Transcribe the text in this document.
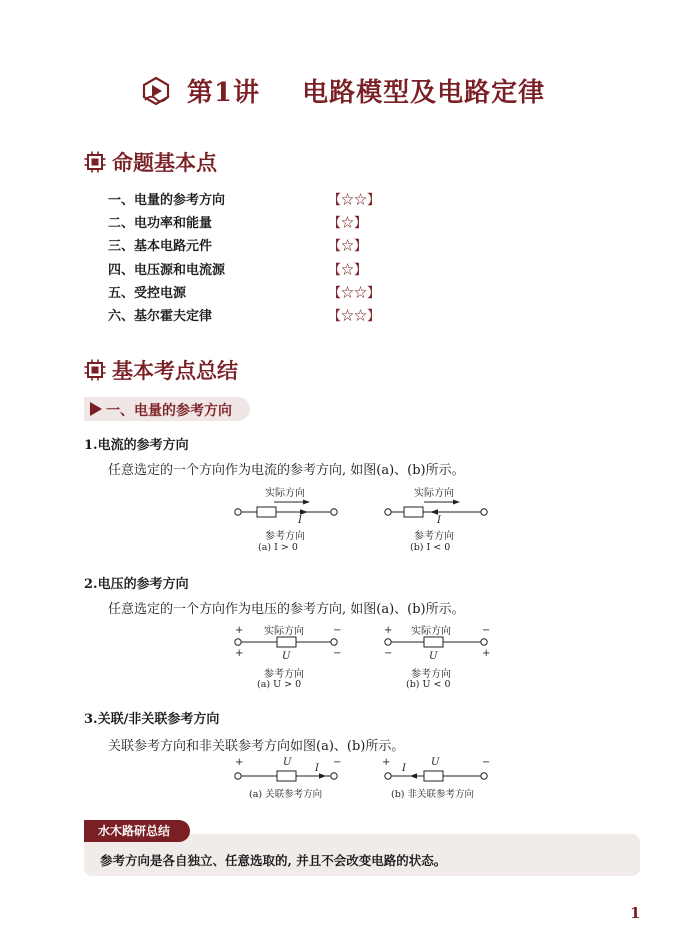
第1讲 电路模型及电路定律
命题基本点
一、电量的参考方向	【☆☆】
二、电功率和能量	【☆】
三、基本电路元件	【☆】
四、电压源和电流源	【☆】
五、受控电源	【☆☆】
六、基尔霍夫定律	【☆☆】
基本考点总结
一、电量的参考方向
1.电流的参考方向
任意选定的一个方向作为电流的参考方向, 如图(a)、(b)所示。
实际方向
I
参考方向
(a) I > 0
实际方向
I
参考方向
(b) I < 0
2.电压的参考方向
任意选定的一个方向作为电压的参考方向, 如图(a)、(b)所示。
+	−
+	−
实际方向
U
参考方向
(a) U > 0
+	−
−	+
实际方向
U
参考方向
(b) U < 0
3.关联/非关联参考方向
关联参考方向和非关联参考方向如图(a)、(b)所示。
+	−
U
I
(a) 关联参考方向
+	−
I
U
(b) 非关联参考方向
水木路研总结
参考方向是各自独立、任意选取的, 并且不会改变电路的状态。
1
